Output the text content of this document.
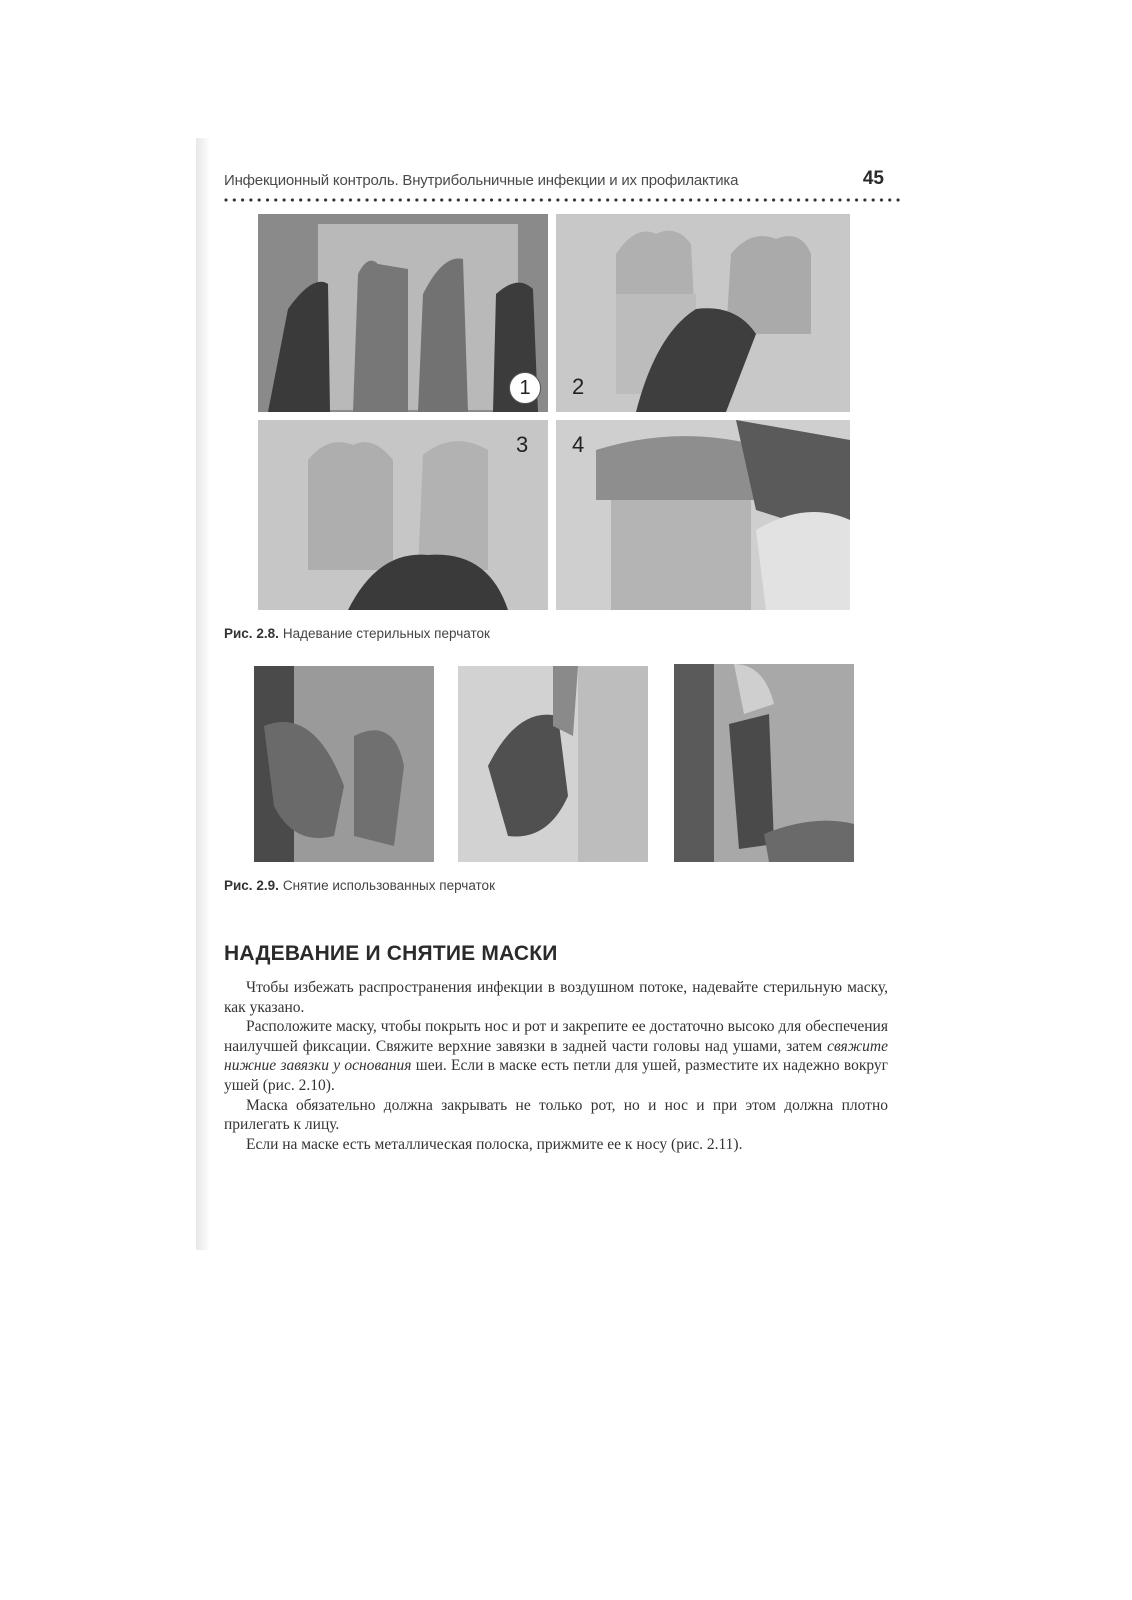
Инфекционный контроль. Внутрибольничные инфекции и их профилактика	45
1	2
3 4
Рис. 2.8. Надевание стерильных перчаток
Рис. 2.9. Снятие использованных перчаток
НАДЕВАНИЕ И СНЯТИЕ МАСКИ

Чтобы избежать распространения инфекции в воздушном потоке, надевайте стерильную маску, как указано.

Расположите маску, чтобы покрыть нос и рот и закрепите ее достаточно высоко для обеспечения наилучшей фиксации. Свяжите верхние завязки в задней части головы над ушами, затем свяжите нижние завязки у основания шеи. Если в маске есть петли для ушей, разместите их надежно вокруг ушей (рис. 2.10).

Маска обязательно должна закрывать не только рот, но и нос и при этом должна плотно прилегать к лицу.

Если на маске есть металлическая полоска, прижмите ее к носу (рис. 2.11).
